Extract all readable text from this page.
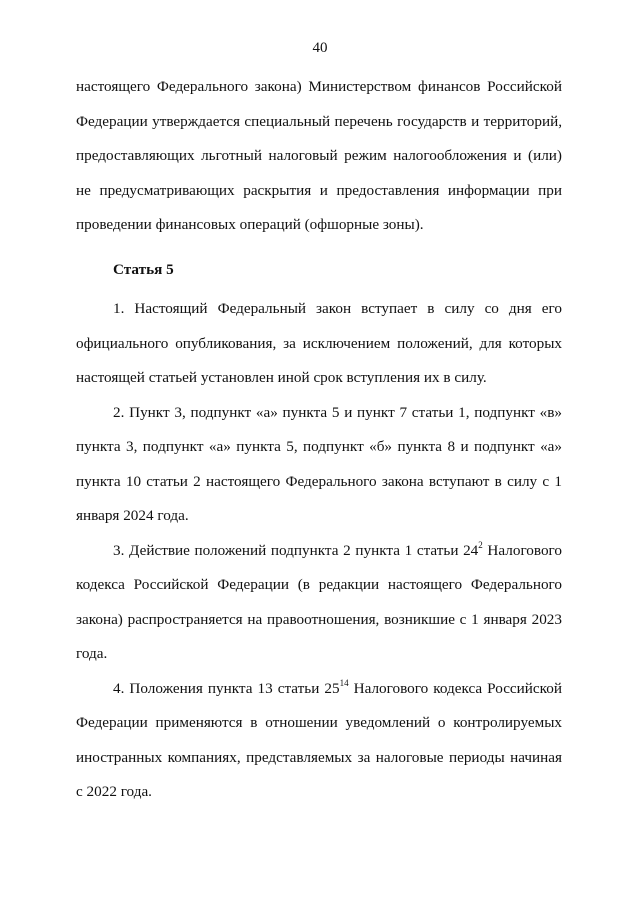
40

настоящего Федерального закона) Министерством финансов Российской Федерации утверждается специальный перечень государств и территорий, предоставляющих льготный налоговый режим налогообложения и (или) не предусматривающих раскрытия и предоставления информации при проведении финансовых операций (офшорные зоны).

Статья 5

1. Настоящий Федеральный закон вступает в силу со дня его официального опубликования, за исключением положений, для которых настоящей статьей установлен иной срок вступления их в силу.

2. Пункт 3, подпункт «а» пункта 5 и пункт 7 статьи 1, подпункт «в» пункта 3, подпункт «а» пункта 5, подпункт «б» пункта 8 и подпункт «а» пункта 10 статьи 2 настоящего Федерального закона вступают в силу с 1 января 2024 года.

3. Действие положений подпункта 2 пункта 1 статьи $24^2$ Налогового кодекса Российской Федерации (в редакции настоящего Федерального закона) распространяется на правоотношения, возникшие с 1 января 2023 года.

4. Положения пункта 13 статьи $25^{14}$ Налогового кодекса Российской Федерации применяются в отношении уведомлений о контролируемых иностранных компаниях, представляемых за налоговые периоды начиная с 2022 года.
